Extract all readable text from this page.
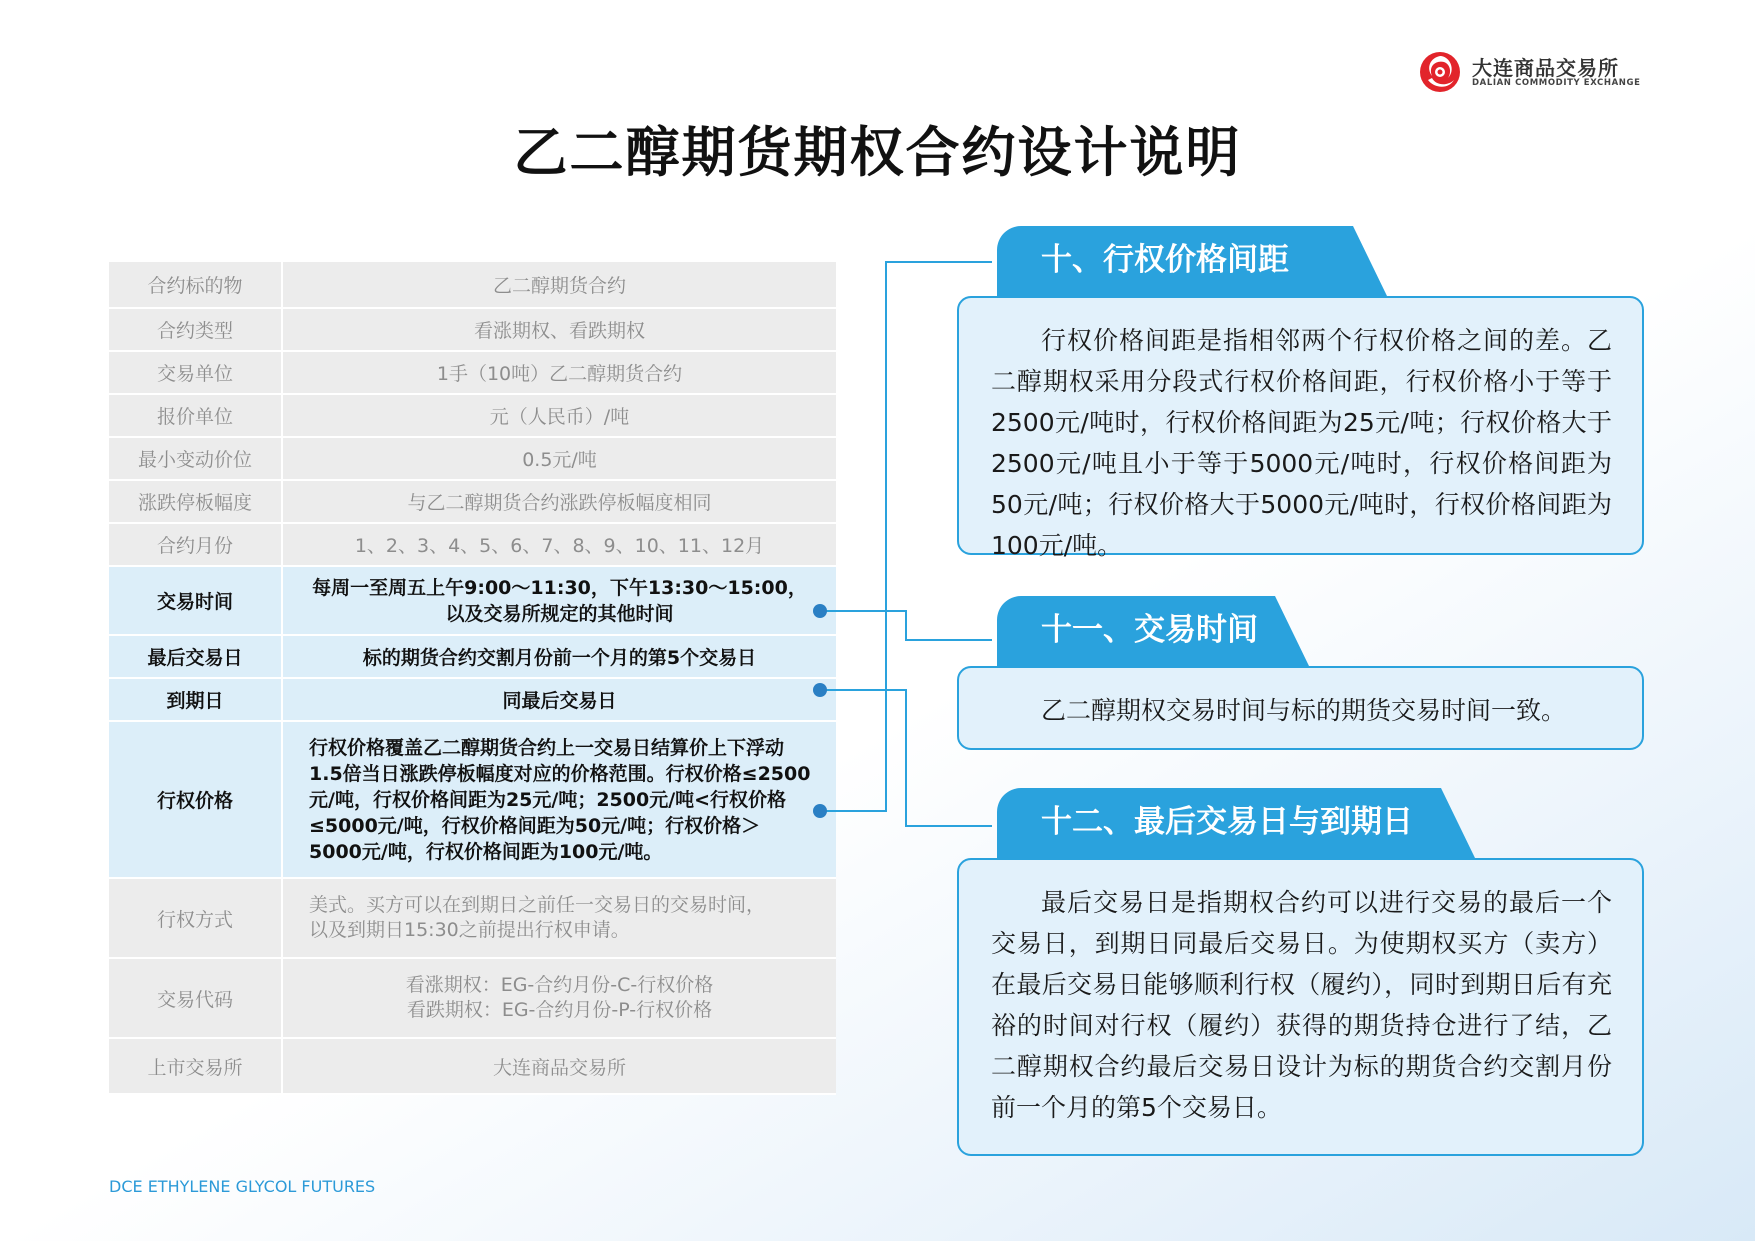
大连商品交易所
DALIAN COMMODITY EXCHANGE
乙二醇期货期权合约设计说明
合约标的物	乙二醇期货合约
合约类型	看涨期权、看跌期权
交易单位	1手（10吨）乙二醇期货合约
报价单位	元（人民币）/吨
最小变动价位	0.5元/吨
涨跌停板幅度	与乙二醇期货合约涨跌停板幅度相同
合约月份	1、2、3、4、5、6、7、8、9、10、11、12月
交易时间	每周一至周五上午9:00～11:30，下午13:30～15:00，
以及交易所规定的其他时间

最后交易日	标的期货合约交割月份前一个月的第5个交易日
到期日	同最后交易日
行权价格	行权价格覆盖乙二醇期货合约上一交易日结算价上下浮动1.5倍当日涨跌停板幅度对应的价格范围。行权价格≤2500元/吨，行权价格间距为25元/吨；2500元/吨<行权价格≤5000元/吨，行权价格间距为50元/吨；行权价格＞5000元/吨，行权价格间距为100元/吨。
行权方式	美式。买方可以在到期日之前任一交易日的交易时间，
以及到期日15:30之前提出行权申请。

交易代码	看涨期权：EG-合约月份-C-行权价格
看跌期权：EG-合约月份-P-行权价格

上市交易所	大连商品交易所
十、行权价格间距

行权价格间距是指相邻两个行权价格之间的差。乙二醇期权采用分段式行权价格间距，行权价格小于等于2500元/吨时，行权价格间距为25元/吨；行权价格大于2500元/吨且小于等于5000元/吨时，行权价格间距为50元/吨；行权价格大于5000元/吨时，行权价格间距为100元/吨。

十一、交易时间

乙二醇期权交易时间与标的期货交易时间一致。

十二、最后交易日与到期日

最后交易日是指期权合约可以进行交易的最后一个交易日，到期日同最后交易日。为使期权买方（卖方）在最后交易日能够顺利行权（履约），同时到期日后有充裕的时间对行权（履约）获得的期货持仓进行了结，乙二醇期权合约最后交易日设计为标的期货合约交割月份前一个月的第5个交易日。

DCE ETHYLENE GLYCOL FUTURES
